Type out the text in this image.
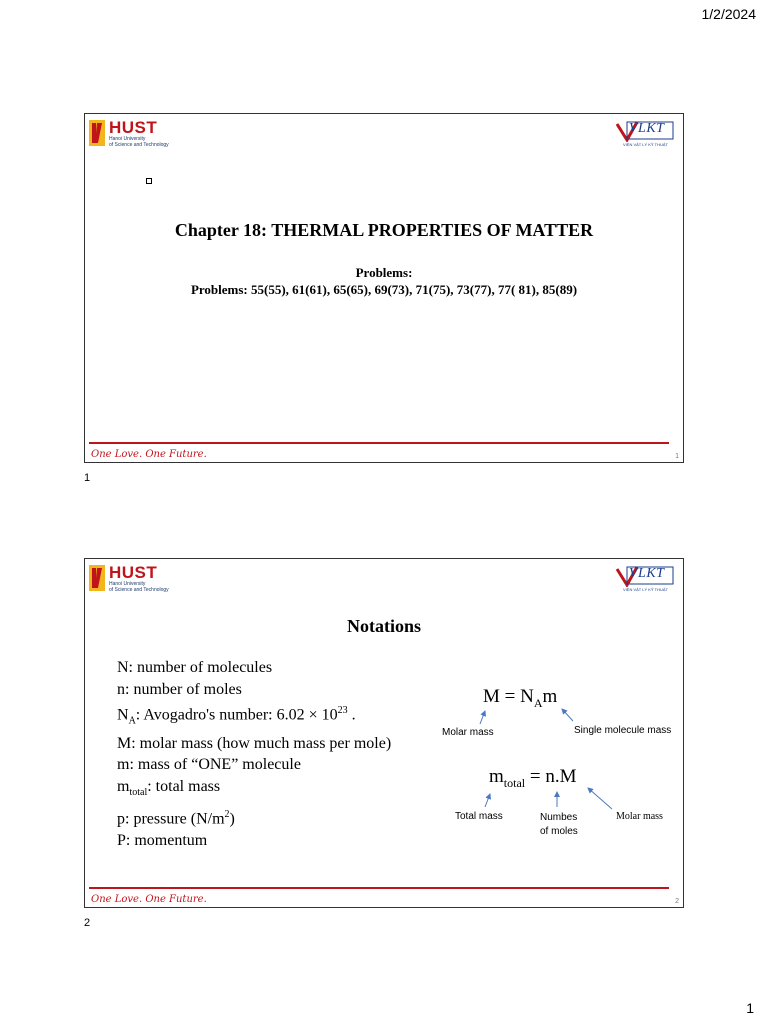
1/2/2024
HUST
Hanoi University
of Science and Technology
VLKT
VIỆN VẬT LÝ KỸ THUẬT
Chapter 18: THERMAL PROPERTIES OF MATTER
Problems:
Problems: 55(55), 61(61), 65(65), 69(73), 71(75), 73(77), 77( 81), 85(89)
One Love. One Future.	1
1
HUST
Hanoi University
of Science and Technology
VLKT
VIỆN VẬT LÝ KỸ THUẬT
Notations
N: number of molecules
n: number of moles
$N_A$: Avogadro's number: $6.02 \times 10^{23}$ .
M: molar mass (how much mass per mole)
m: mass of “ONE” molecule
$m_{total}$: total mass
p: pressure $(N/m^2)$
P: momentum
$M = N_Am$
Molar mass	Single molecule mass
$m_{total} = n.M$
Total mass	Numbes
of moles
Molar mass
One Love. One Future.	2
2
1
